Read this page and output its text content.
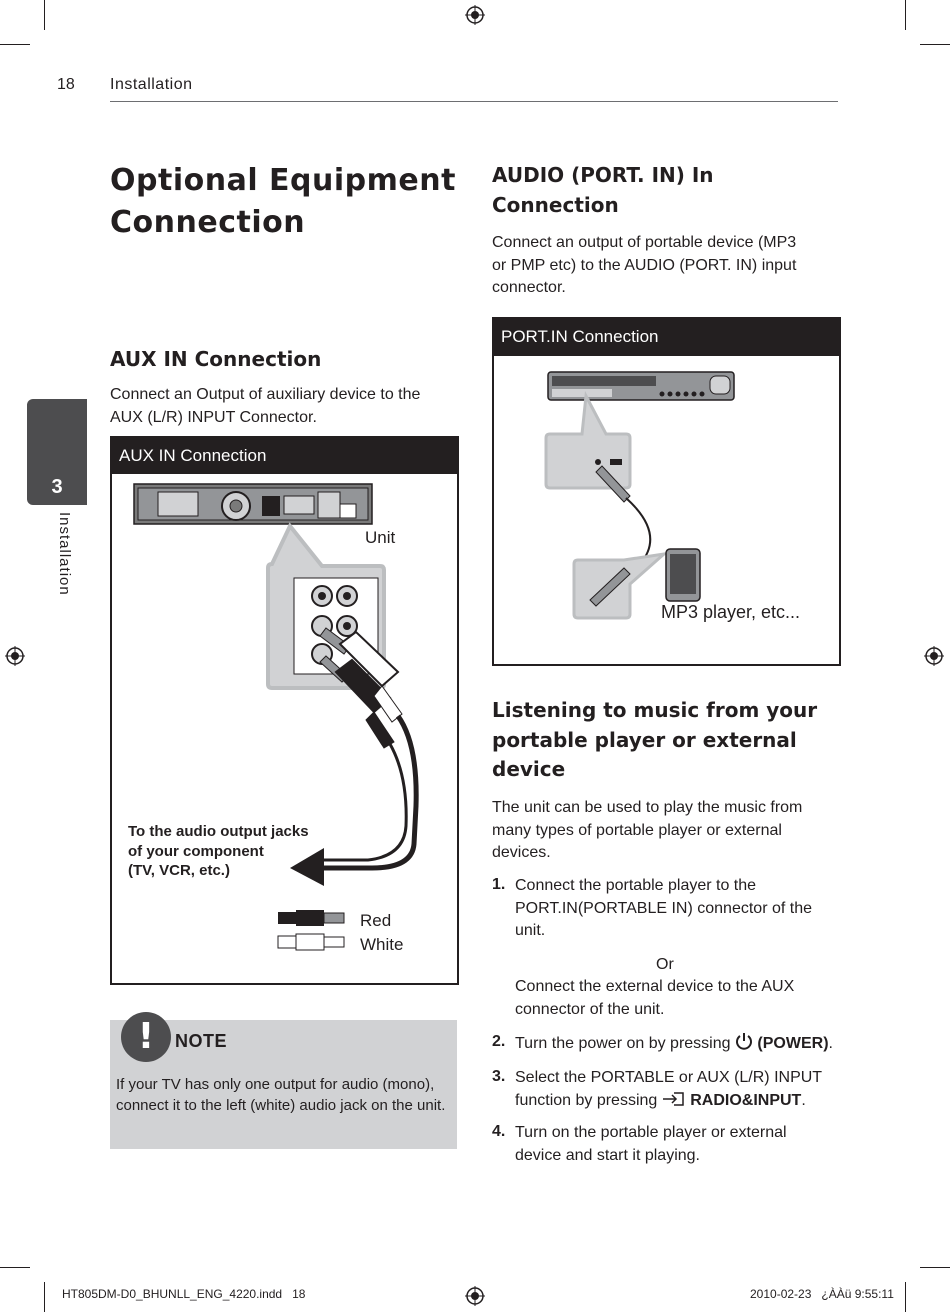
18 Installation
3
Installation
Optional Equipment
Connection
AUX IN Connection
Connect an Output of auxiliary device to the
AUX (L/R) INPUT Connector.
AUX IN Connection
Unit
To the audio output jacks
of your component
(TV, VCR, etc.)
Red
White
!	NOTE
If your TV has only one output for audio (mono),
connect it to the left (white) audio jack on the unit.
AUDIO (PORT. IN) In
Connection
Connect an output of portable device (MP3
or PMP etc) to the AUDIO (PORT. IN) input
connector.
PORT.IN Connection
MP3 player, etc...
Listening to music from your
portable player or external
device
The unit can be used to play the music from
many types of portable player or external
devices.
1. Connect the portable player to the
PORT.IN(PORTABLE IN) connector of the
unit.
Or
Connect the external device to the AUX
connector of the unit.
2. Turn the power on by pressing  (POWER).
3. Select the PORTABLE or AUX (L/R) INPUT
function by pressing  RADIO&INPUT.
4. Turn on the portable player or external
device and start it playing.
HT805DM-D0_BHUNLL_ENG_4220.indd   18	2010-02-23   ¿ÀÀü 9:55:11
